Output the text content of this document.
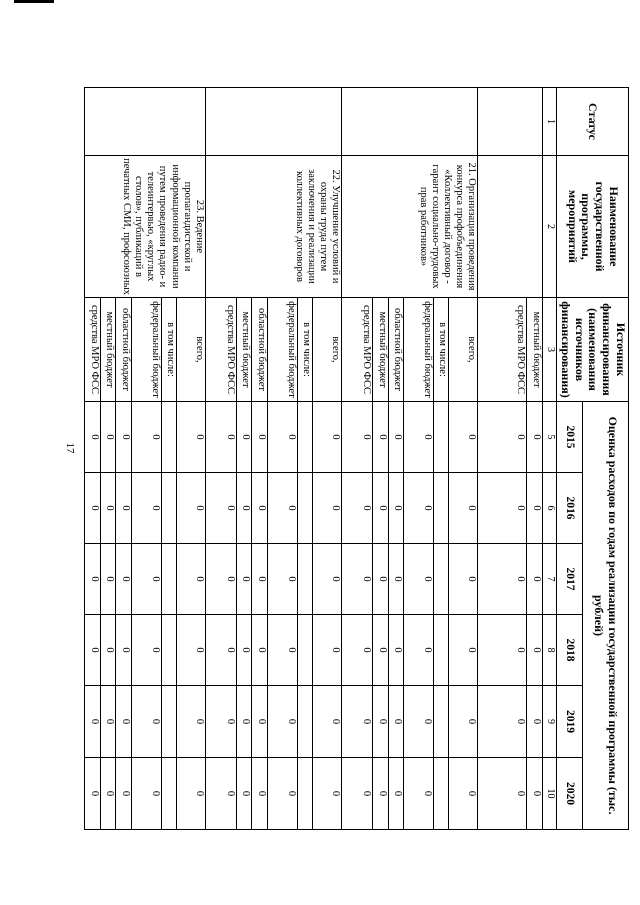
17
Статус	Наименование государственной программы, мероприятий	Источник финансирования (наименования источников финансирования)	Оценка расходов по годам реализации государственной программы (тыс. рублей)					
			2015	2016	2017	2018	2019	2020
1	2	3	5	6	7	8	9	10
		местный бюджет	0	0	0	0	0	0
		средства МРО ФСС	0	0	0	0	0	0
	21. Организация проведения конкурса профобъединения «Коллективный договор - гарант социально-трудовых прав работников»	всего,	0	0	0	0	0	0
		в том числе:						
		федеральный бюджет	0	0	0	0	0	0
		областной бюджет	0	0	0	0	0	0
		местный бюджет	0	0	0	0	0	0
		средства МРО ФСС	0	0	0	0	0	0
	22. Улучшение условий и охраны труда путем заключения и реализации коллективных договоров	всего,	0	0	0	0	0	0
		в том числе:						
		федеральный бюджет	0	0	0	0	0	0
		областной бюджет	0	0	0	0	0	0
		местный бюджет	0	0	0	0	0	0
		средства МРО ФСС	0	0	0	0	0	0
	23. Ведение пропагандистской и информационной компании путем проведения радио- и телеинтервью, «круглых столов», публикаций в печатных СМИ, профсоюзных	всего,	0	0	0	0	0	0
		в том числе:						
		федеральный бюджет	0	0	0	0	0	0
		областной бюджет	0	0	0	0	0	0
		местный бюджет	0	0	0	0	0	0
		средства МРО ФСС	0	0	0	0	0	0
